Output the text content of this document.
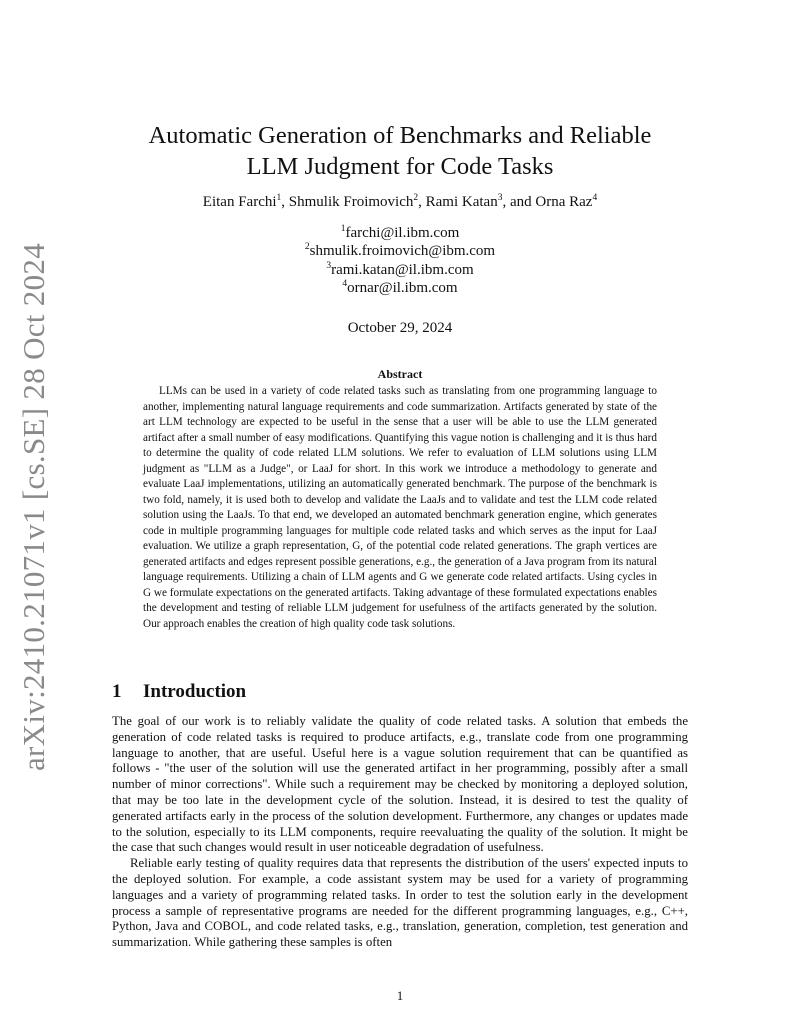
arXiv:2410.21071v1 [cs.SE] 28 Oct 2024
Automatic Generation of Benchmarks and Reliable LLM Judgment for Code Tasks
Eitan Farchi$^1$, Shmulik Froimovich$^2$, Rami Katan$^3$, and Orna Raz$^4$
$^1$farchi@il.ibm.com
$^2$shmulik.froimovich@ibm.com
$^3$rami.katan@il.ibm.com
$^4$ornar@il.ibm.com
October 29, 2024
Abstract

LLMs can be used in a variety of code related tasks such as translating from one programming language to another, implementing natural language requirements and code summarization. Artifacts generated by state of the art LLM technology are expected to be useful in the sense that a user will be able to use the LLM generated artifact after a small number of easy modifications. Quantifying this vague notion is challenging and it is thus hard to determine the quality of code related LLM solutions. We refer to evaluation of LLM solutions using LLM judgment as "LLM as a Judge", or LaaJ for short. In this work we introduce a methodology to generate and evaluate LaaJ implementations, utilizing an automatically generated benchmark. The purpose of the benchmark is two fold, namely, it is used both to develop and validate the LaaJs and to validate and test the LLM code related solution using the LaaJs. To that end, we developed an automated benchmark generation engine, which generates code in multiple programming languages for multiple code related tasks and which serves as the input for LaaJ evaluation. We utilize a graph representation, G, of the potential code related generations. The graph vertices are generated artifacts and edges represent possible generations, e.g., the generation of a Java program from its natural language requirements. Utilizing a chain of LLM agents and G we generate code related artifacts. Using cycles in G we formulate expectations on the generated artifacts. Taking advantage of these formulated expectations enables the development and testing of reliable LLM judgement for usefulness of the artifacts generated by the solution. Our approach enables the creation of high quality code task solutions.

1 Introduction

The goal of our work is to reliably validate the quality of code related tasks. A solution that embeds the generation of code related tasks is required to produce artifacts, e.g., translate code from one programming language to another, that are useful. Useful here is a vague solution requirement that can be quantified as follows - "the user of the solution will use the generated artifact in her programming, possibly after a small number of minor corrections". While such a requirement may be checked by monitoring a deployed solution, that may be too late in the development cycle of the solution. Instead, it is desired to test the quality of generated artifacts early in the process of the solution development. Furthermore, any changes or updates made to the solution, especially to its LLM components, require reevaluating the quality of the solution. It might be the case that such changes would result in user noticeable degradation of usefulness.

Reliable early testing of quality requires data that represents the distribution of the users' expected inputs to the deployed solution. For example, a code assistant system may be used for a variety of programming languages and a variety of programming related tasks. In order to test the solution early in the development process a sample of representative programs are needed for the different programming languages, e.g., C++, Python, Java and COBOL, and code related tasks, e.g., translation, generation, completion, test generation and summarization. While gathering these samples is often

1
